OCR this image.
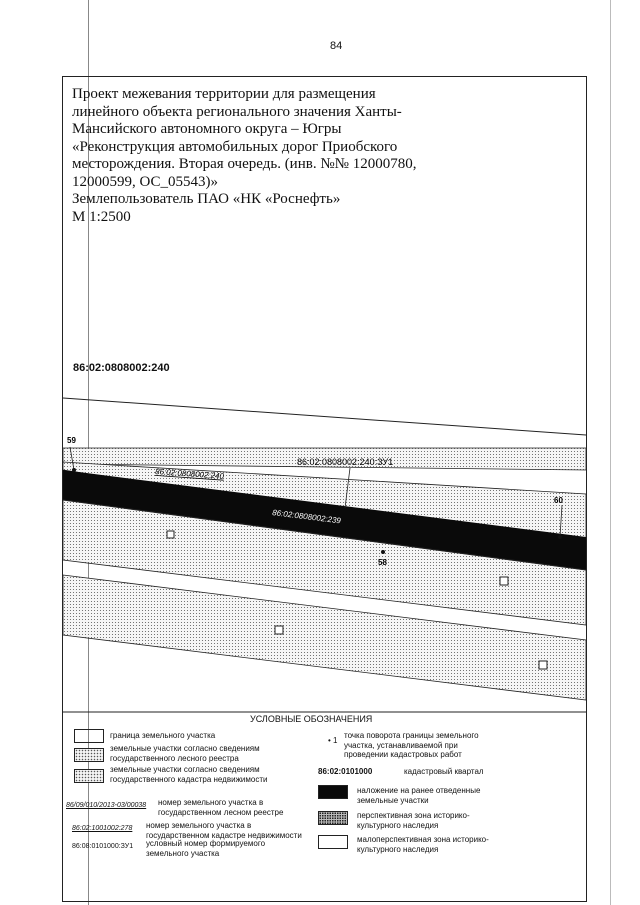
84
Проект межевания территории для размещения
линейного объекта регионального значения Ханты-
Мансийского автономного округа – Югры
«Реконструкция автомобильных дорог Приобского
месторождения. Вторая очередь. (инв. №№ 12000780,
12000599, ОС_05543)»
Землепользователь ПАО «НК «Роснефть»
М 1:2500
86:02:0808002:240
59
60
58
86:02:0808002:240
86:02:0808002:240:ЗУ1
86:02:0808002:239
УСЛОВНЫЕ ОБОЗНАЧЕНИЯ
граница земельного участка
земельные участки согласно сведениям государственного лесного реестра
земельные участки согласно сведениям государственного кадастра недвижимости
86/09/010/2013-03/00038 номер земельного участка в государственном лесном реестре
86:02:1001002:278 номер земельного участка в государственном кадастре недвижимости
86:08:0101000:ЗУ1 условный номер формируемого земельного участка
• 1
точка поворота границы земельного участка, устанавливаемой при проведении кадастровых работ
86:02:0101000	кадастровый квартал
наложение на ранее отведенные земельные участки
перспективная зона историко-культурного наследия
малоперспективная зона историко-культурного наследия
